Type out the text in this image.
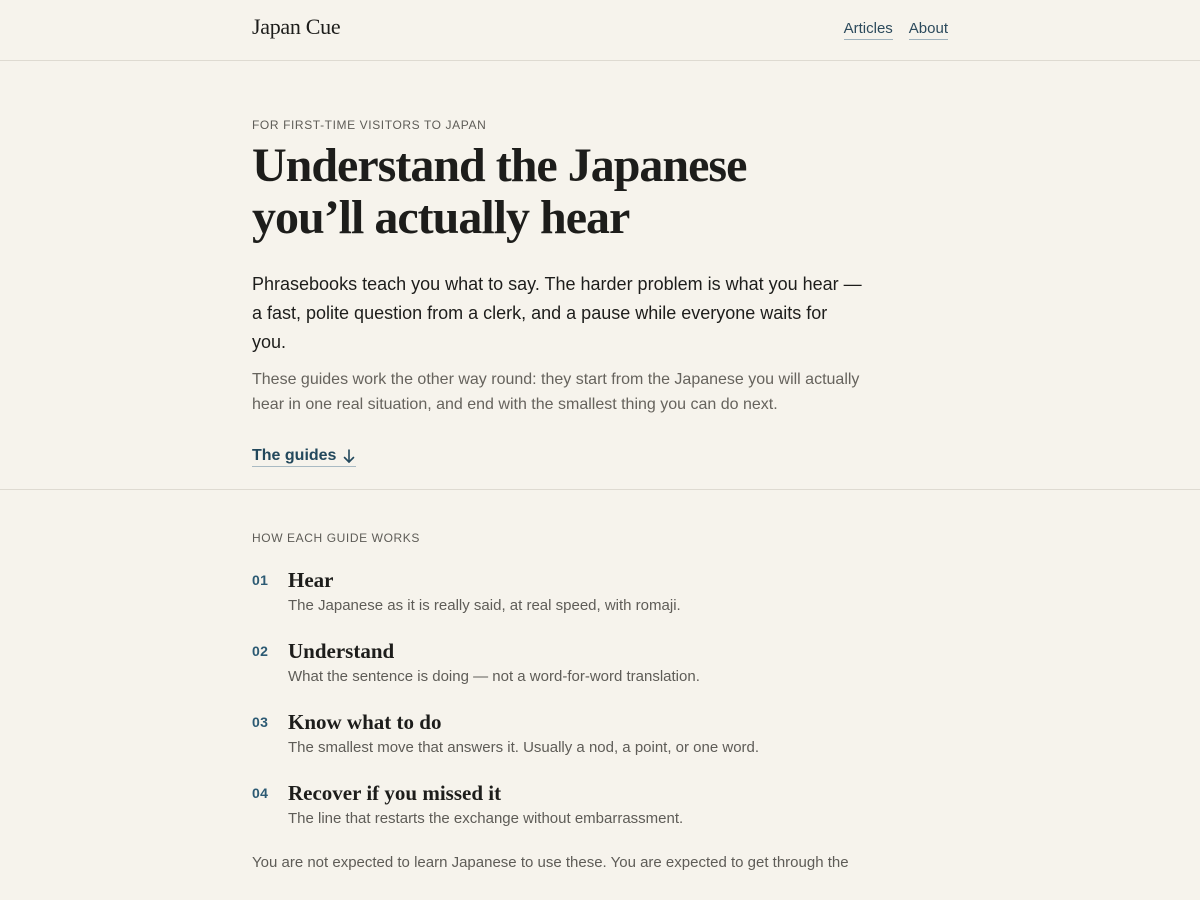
Japan Cue	Articles About

FOR FIRST-TIME VISITORS TO JAPAN

Understand the Japanese
you’ll actually hear

Phrasebooks teach you what to say. The harder problem is what you hear — a fast, polite question from a clerk, and a pause while everyone waits for you.

These guides work the other way round: they start from the Japanese you will actually hear in one real situation, and end with the smallest thing you can do next.

The guides

HOW EACH GUIDE WORKS

01 Hear

The Japanese as it is really said, at real speed, with romaji.

02 Understand

What the sentence is doing — not a word-for-word translation.

03 Know what to do

The smallest move that answers it. Usually a nod, a point, or one word.

04 Recover if you missed it

The line that restarts the exchange without embarrassment.

You are not expected to learn Japanese to use these. You are expected to get through the
